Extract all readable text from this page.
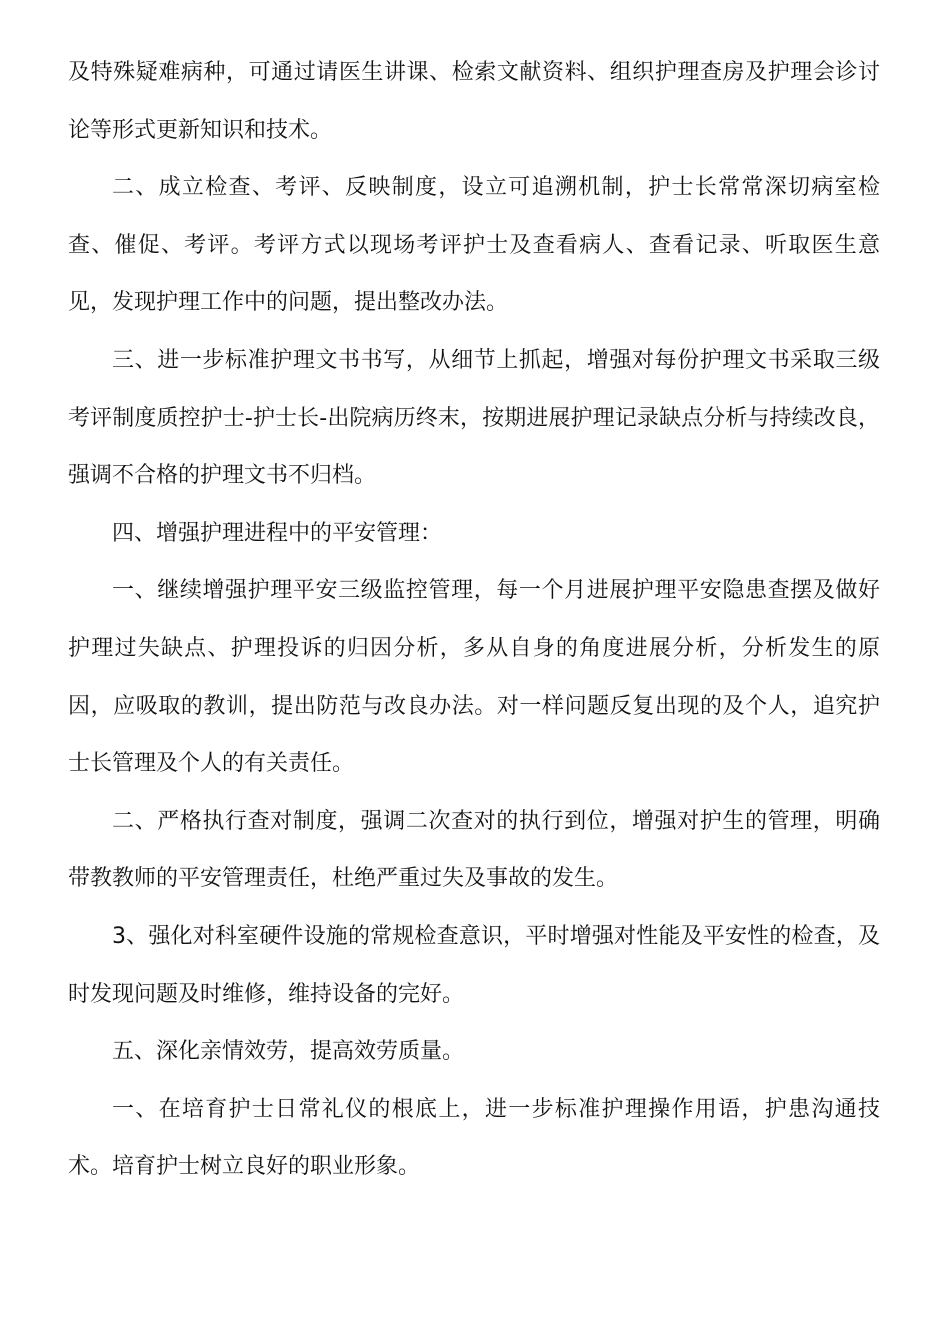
及特殊疑难病种，可通过请医生讲课、检索文献资料、组织护理查房及护理会诊讨论等形式更新知识和技术。

二、成立检查、考评、反映制度，设立可追溯机制，护士长常常深切病室检查、催促、考评。考评方式以现场考评护士及查看病人、查看记录、听取医生意见，发现护理工作中的问题，提出整改办法。

三、进一步标准护理文书书写，从细节上抓起，增强对每份护理文书采取三级考评制度质控护士-护士长-出院病历终末，按期进展护理记录缺点分析与持续改良，强调不合格的护理文书不归档。

四、增强护理进程中的平安管理：

一、继续增强护理平安三级监控管理，每一个月进展护理平安隐患查摆及做好护理过失缺点、护理投诉的归因分析，多从自身的角度进展分析，分析发生的原因，应吸取的教训，提出防范与改良办法。对一样问题反复出现的及个人，追究护士长管理及个人的有关责任。

二、严格执行查对制度，强调二次查对的执行到位，增强对护生的管理，明确带教教师的平安管理责任，杜绝严重过失及事故的发生。

3、强化对科室硬件设施的常规检查意识，平时增强对性能及平安性的检查，及时发现问题及时维修，维持设备的完好。

五、深化亲情效劳，提高效劳质量。

一、在培育护士日常礼仪的根底上，进一步标准护理操作用语，护患沟通技术。培育护士树立良好的职业形象。
